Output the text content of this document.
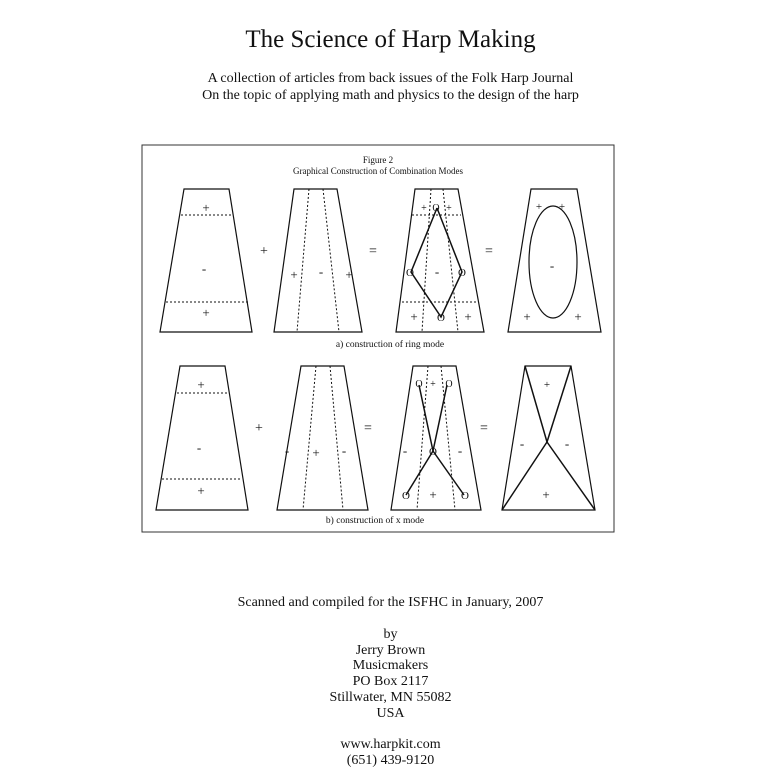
The Science of Harp Making
A collection of articles from back issues of the Folk Harp Journal
On the topic of applying math and physics to the design of the harp
Figure 2
Graphical Construction of Combination Modes
+
-
+
+
+ - +
=
+ O +
O - O
+ O +
=
+ +
-
+	+
+
-
+
+
- + -
=
O + O
- O -
O + O
=
+
-	-
+
a) construction of ring mode
b) construction of x mode
Scanned and compiled for the ISFHC in January, 2007
by
Jerry Brown
Musicmakers
PO Box 2117
Stillwater, MN 55082
USA
www.harpkit.com
(651) 439-9120
